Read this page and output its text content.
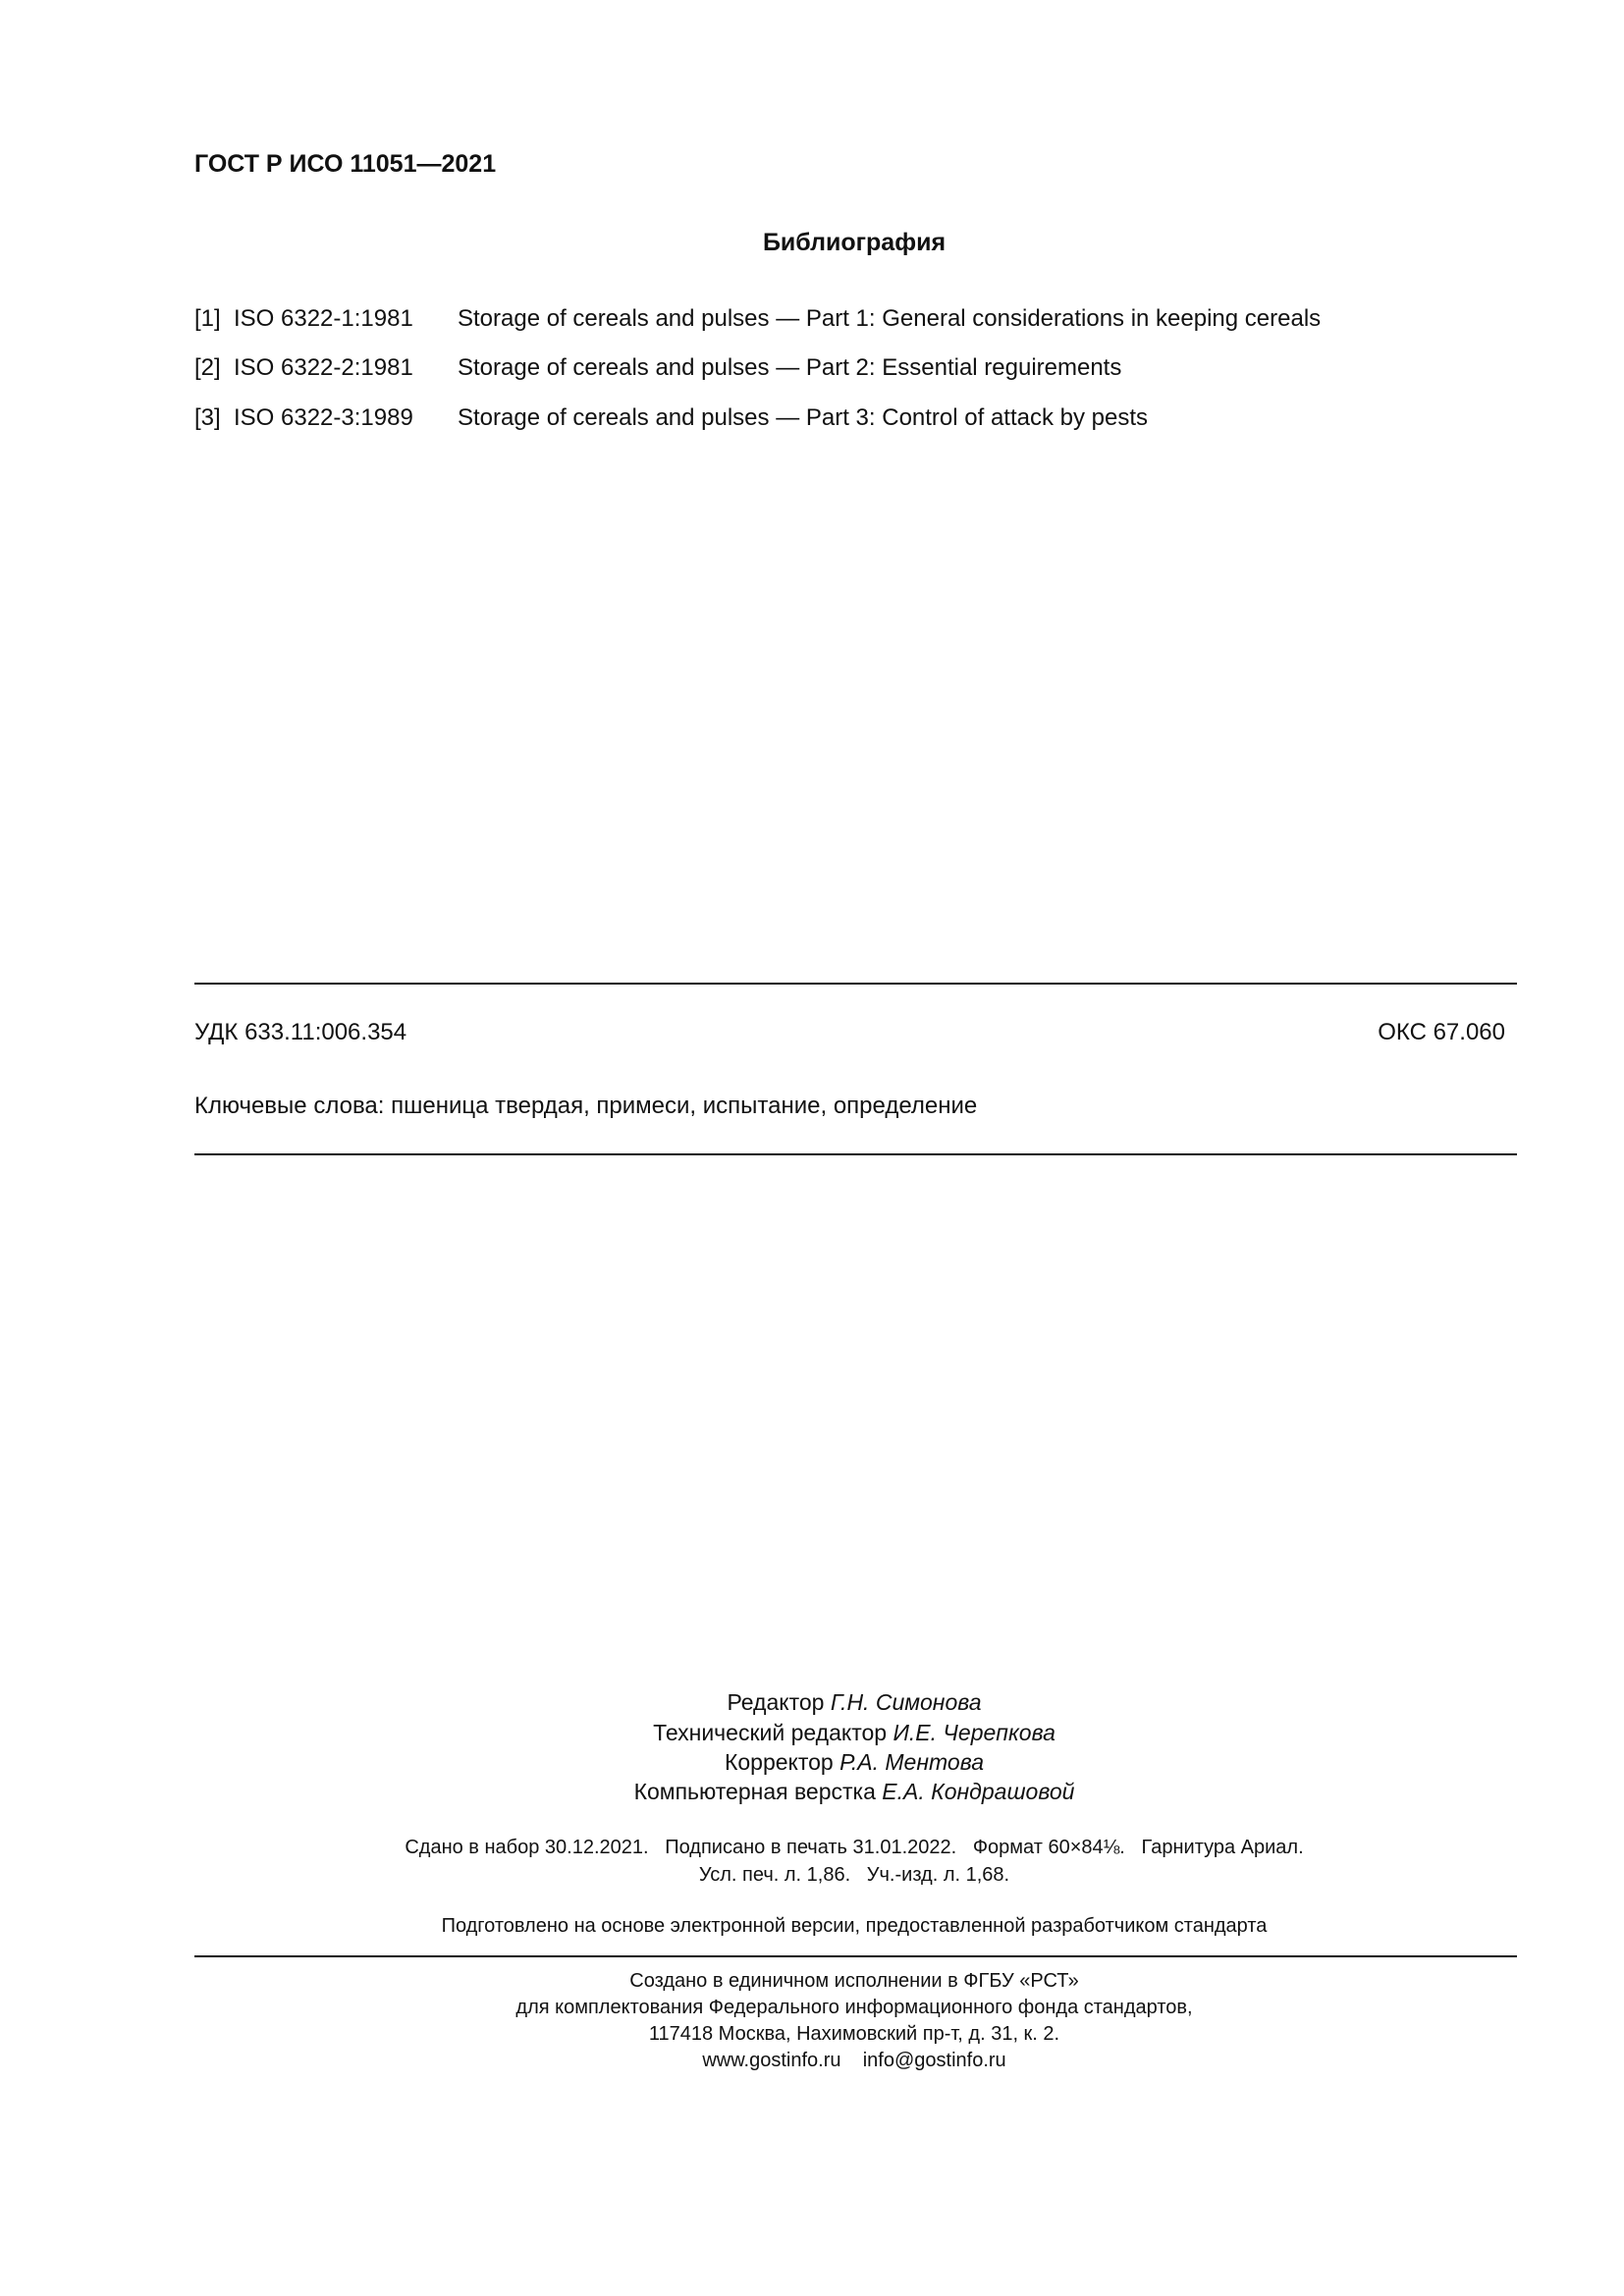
ГОСТ Р ИСО 11051—2021
Библиография
[1] ISO 6322-1:1981 Storage of cereals and pulses — Part 1: General considerations in keeping cereals
[2] ISO 6322-2:1981 Storage of cereals and pulses — Part 2: Essential reguirements
[3] ISO 6322-3:1989 Storage of cereals and pulses — Part 3: Control of attack by pests
УДК 633.11:006.354	ОКС 67.060
Ключевые слова: пшеница твердая, примеси, испытание, определение
Редактор Г.Н. Симонова
Технический редактор И.Е. Черепкова
Корректор Р.А. Ментова
Компьютерная верстка Е.А. Кондрашовой
Сдано в набор 30.12.2021.   Подписано в печать 31.01.2022.   Формат 60×84⅛.   Гарнитура Ариал.
Усл. печ. л. 1,86.   Уч.-изд. л. 1,68.
Подготовлено на основе электронной версии, предоставленной разработчиком стандарта
Создано в единичном исполнении в ФГБУ «РСТ»
для комплектования Федерального информационного фонда стандартов,
117418 Москва, Нахимовский пр-т, д. 31, к. 2.
www.gostinfo.ru    info@gostinfo.ru
